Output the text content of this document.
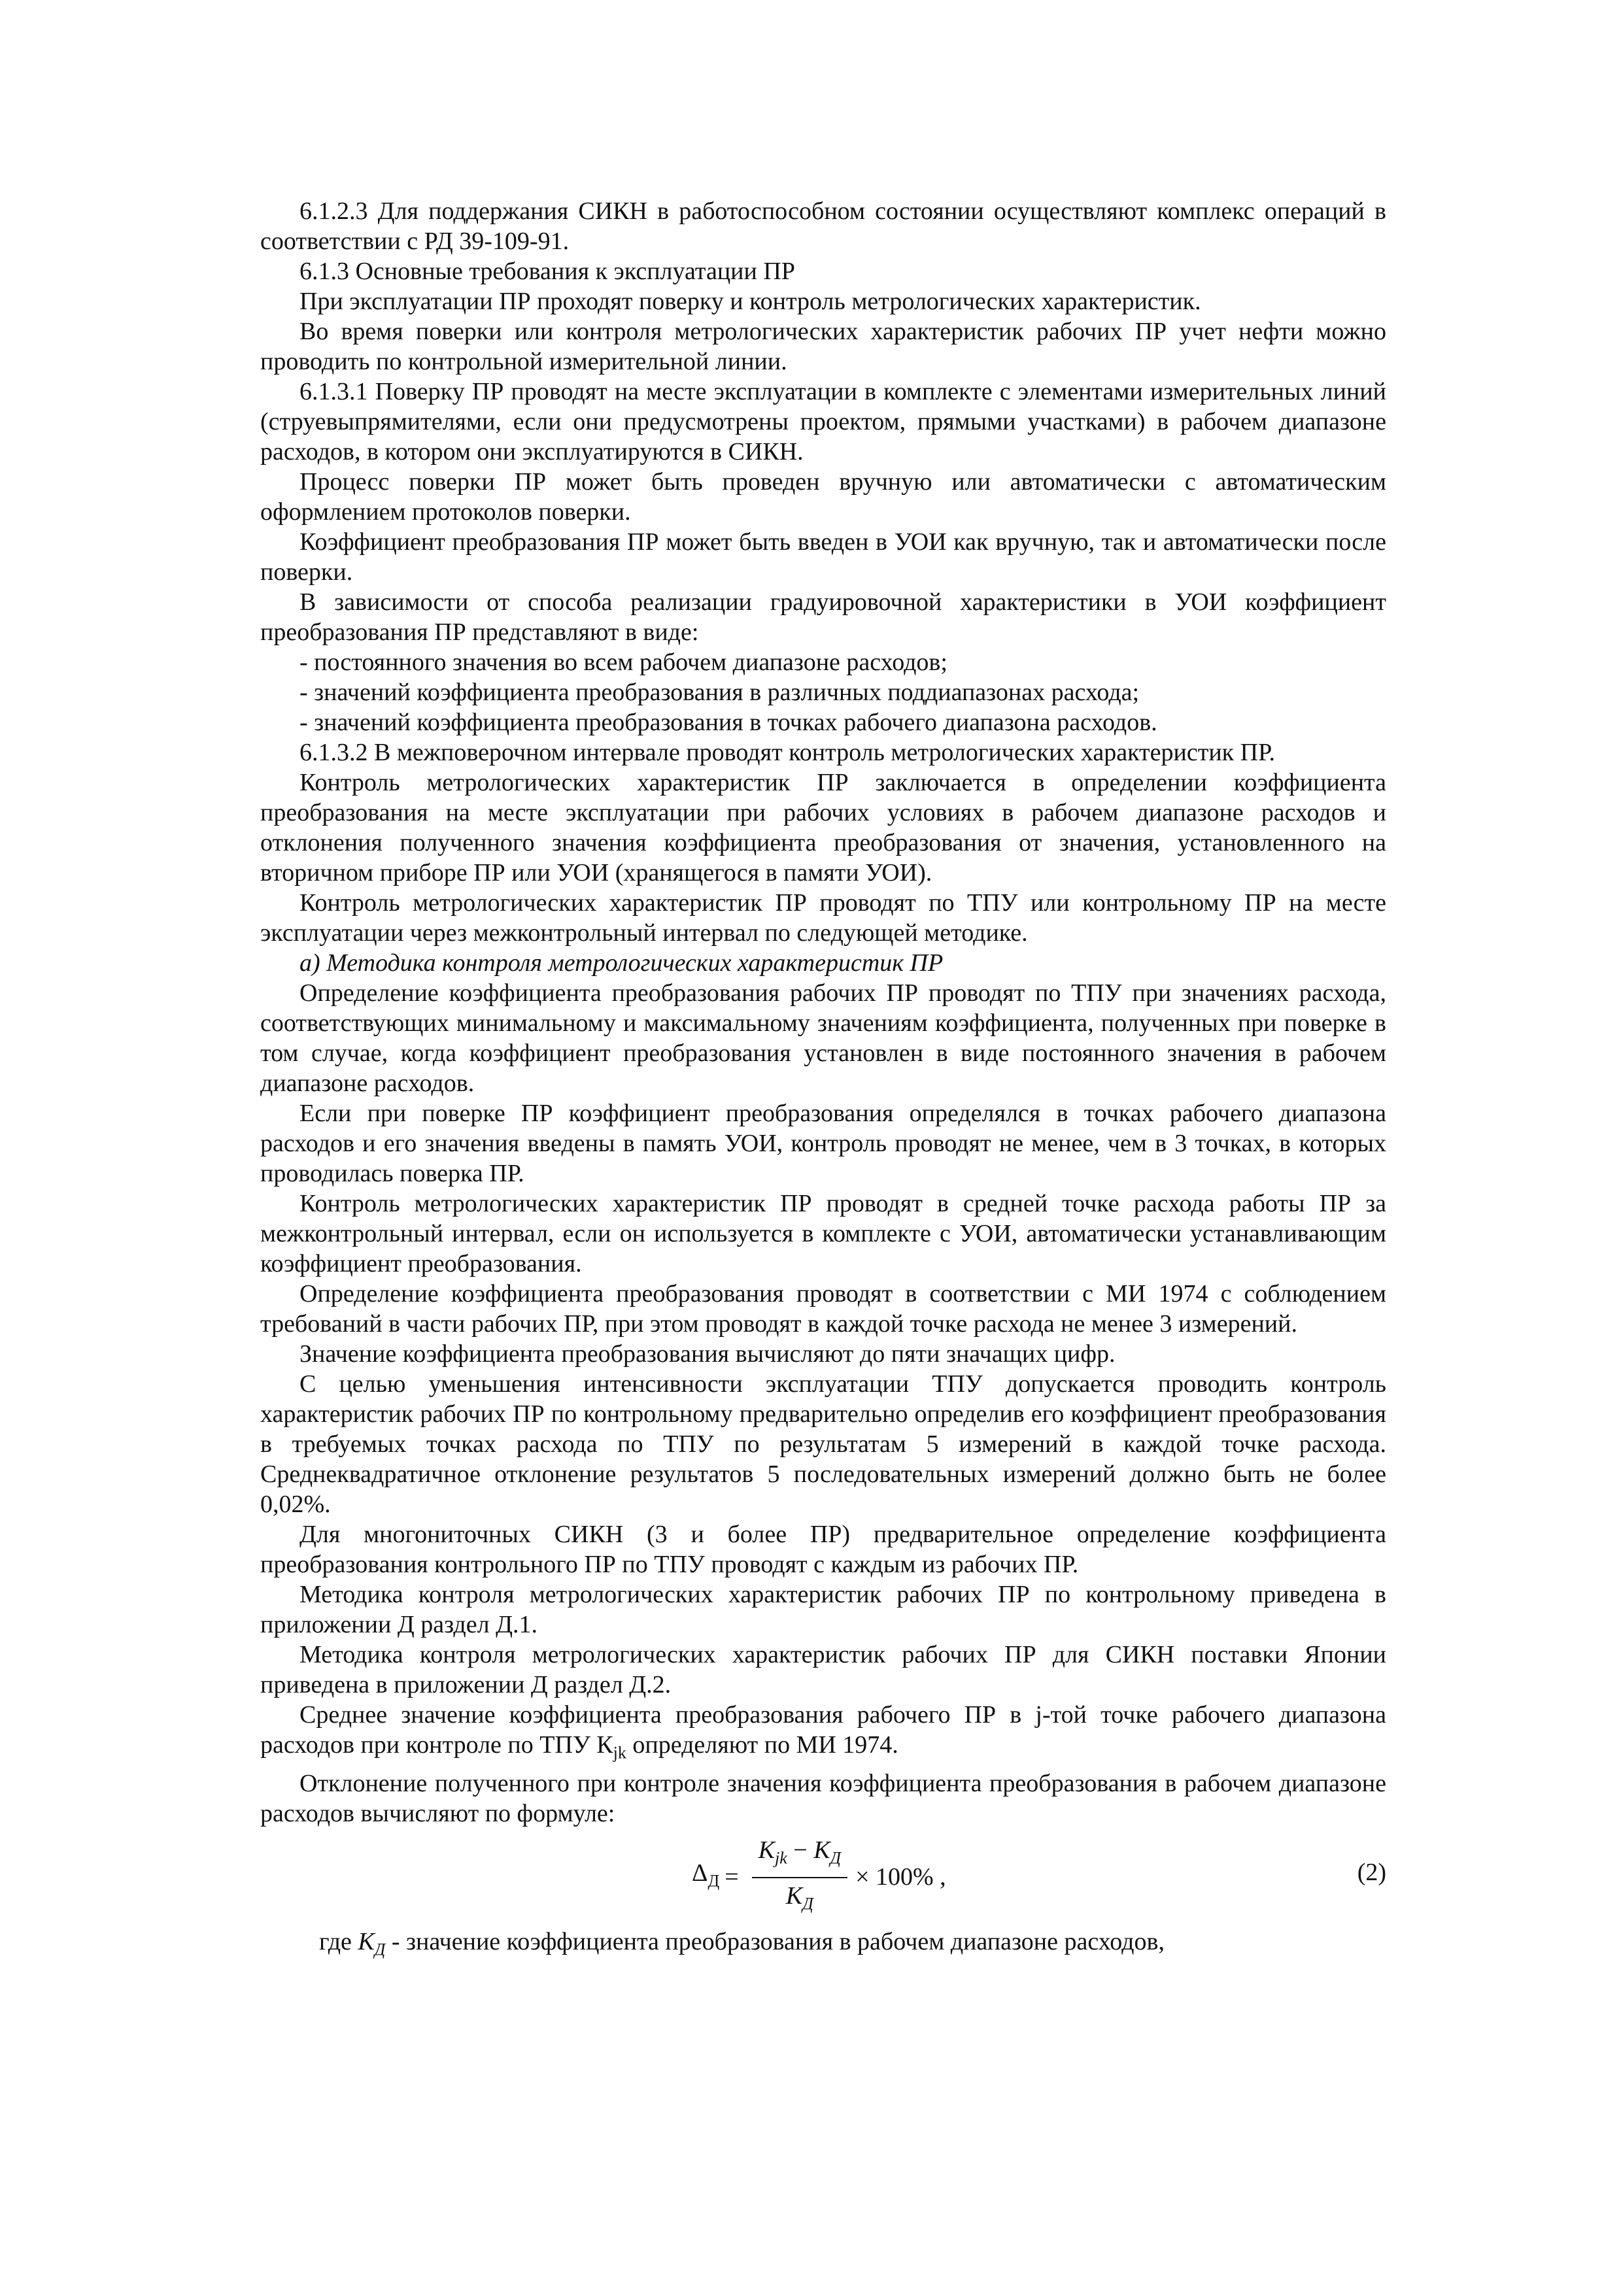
6.1.2.3 Для поддержания СИКН в работоспособном состоянии осуществляют комплекс операций в соответствии с РД 39-109-91.

6.1.3 Основные требования к эксплуатации ПР

При эксплуатации ПР проходят поверку и контроль метрологических характеристик.

Во время поверки или контроля метрологических характеристик рабочих ПР учет нефти можно проводить по контрольной измерительной линии.

6.1.3.1 Поверку ПР проводят на месте эксплуатации в комплекте с элементами измерительных линий (струевыпрямителями, если они предусмотрены проектом, прямыми участками) в рабочем диапазоне расходов, в котором они эксплуатируются в СИКН.

Процесс поверки ПР может быть проведен вручную или автоматически с автоматическим оформлением протоколов поверки.

Коэффициент преобразования ПР может быть введен в УОИ как вручную, так и автоматически после поверки.

В зависимости от способа реализации градуировочной характеристики в УОИ коэффициент преобразования ПР представляют в виде:

- постоянного значения во всем рабочем диапазоне расходов;

- значений коэффициента преобразования в различных поддиапазонах расхода;

- значений коэффициента преобразования в точках рабочего диапазона расходов.

6.1.3.2 В межповерочном интервале проводят контроль метрологических характеристик ПР.

Контроль метрологических характеристик ПР заключается в определении коэффициента преобразования на месте эксплуатации при рабочих условиях в рабочем диапазоне расходов и отклонения полученного значения коэффициента преобразования от значения, установленного на вторичном приборе ПР или УОИ (хранящегося в памяти УОИ).

Контроль метрологических характеристик ПР проводят по ТПУ или контрольному ПР на месте эксплуатации через межконтрольный интервал по следующей методике.

а) Методика контроля метрологических характеристик ПР

Определение коэффициента преобразования рабочих ПР проводят по ТПУ при значениях расхода, соответствующих минимальному и максимальному значениям коэффициента, полученных при поверке в том случае, когда коэффициент преобразования установлен в виде постоянного значения в рабочем диапазоне расходов.

Если при поверке ПР коэффициент преобразования определялся в точках рабочего диапазона расходов и его значения введены в память УОИ, контроль проводят не менее, чем в 3 точках, в которых проводилась поверка ПР.

Контроль метрологических характеристик ПР проводят в средней точке расхода работы ПР за межконтрольный интервал, если он используется в комплекте с УОИ, автоматически устанавливающим коэффициент преобразования.

Определение коэффициента преобразования проводят в соответствии с МИ 1974 с соблюдением требований в части рабочих ПР, при этом проводят в каждой точке расхода не менее 3 измерений.

Значение коэффициента преобразования вычисляют до пяти значащих цифр.

С целью уменьшения интенсивности эксплуатации ТПУ допускается проводить контроль характеристик рабочих ПР по контрольному предварительно определив его коэффициент преобразования в требуемых точках расхода по ТПУ по результатам 5 измерений в каждой точке расхода. Среднеквадратичное отклонение результатов 5 последовательных измерений должно быть не более 0,02%.

Для многониточных СИКН (3 и более ПР) предварительное определение коэффициента преобразования контрольного ПР по ТПУ проводят с каждым из рабочих ПР.

Методика контроля метрологических характеристик рабочих ПР по контрольному приведена в приложении Д раздел Д.1.

Методика контроля метрологических характеристик рабочих ПР для СИКН поставки Японии приведена в приложении Д раздел Д.2.

Среднее значение коэффициента преобразования рабочего ПР в j-той точке рабочего диапазона расходов при контроле по ТПУ $К_{jk}$ определяют по МИ 1974.

Отклонение полученного при контроле значения коэффициента преобразования в рабочем диапазоне расходов вычисляют по формуле:

$\Delta_Д = \frac{K_{jk} - K_Д}{K_Д} \times 100\%$ ,	(2)

где $K_Д$ - значение коэффициента преобразования в рабочем диапазоне расходов,
